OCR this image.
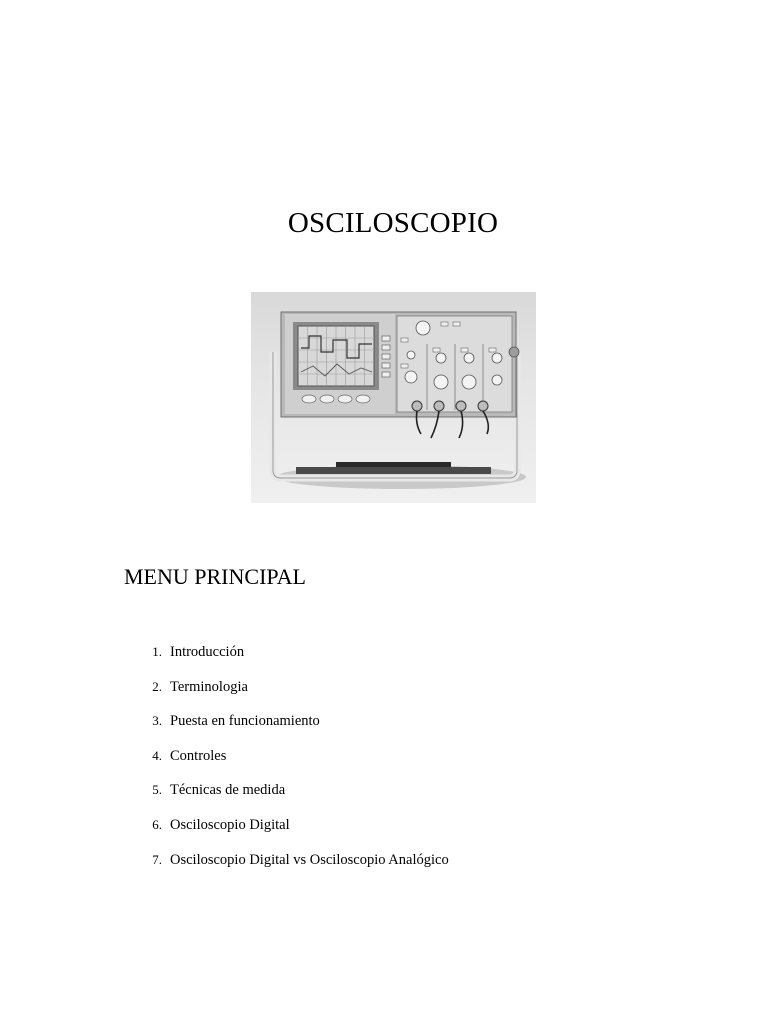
OSCILOSCOPIO
MENU PRINCIPAL
1. Introducción
2. Terminologia
3. Puesta en funcionamiento
4. Controles
5. Técnicas de medida
6. Osciloscopio Digital
7. Osciloscopio Digital vs Osciloscopio Analógico
